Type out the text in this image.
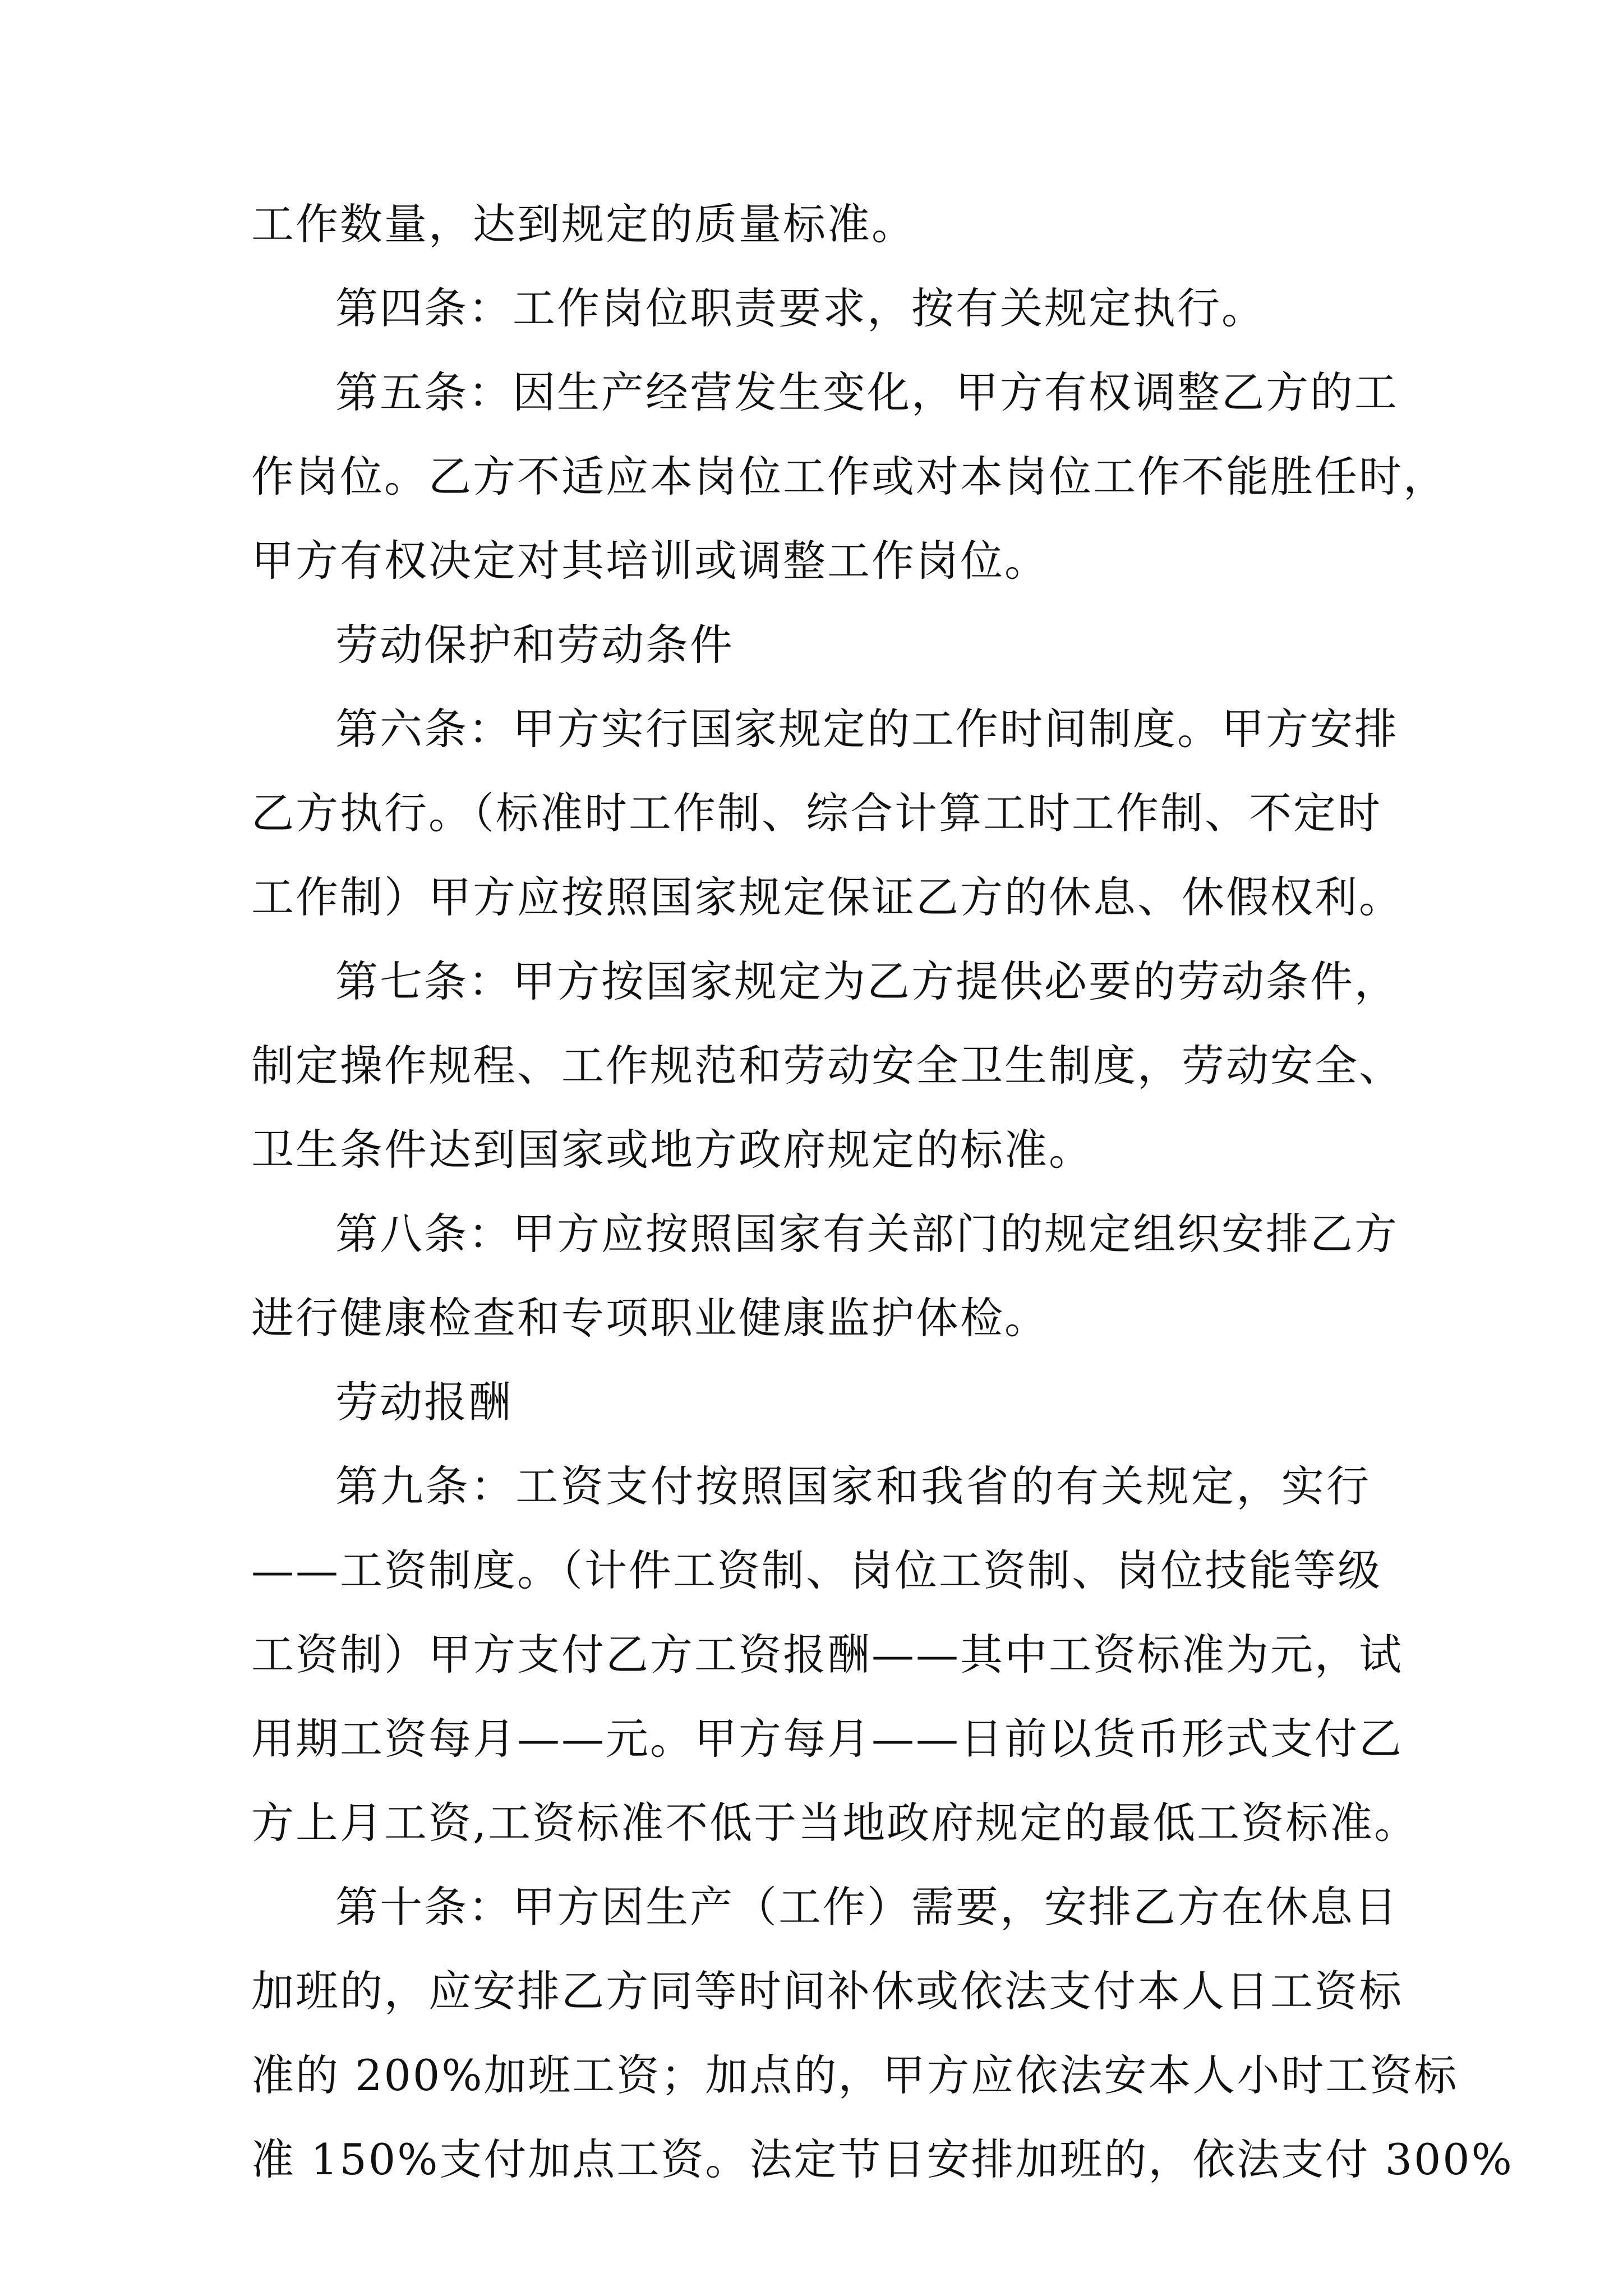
工作数量，达到规定的质量标准。

第四条：工作岗位职责要求，按有关规定执行。

第五条：因生产经营发生变化，甲方有权调整乙方的工

作岗位。乙方不适应本岗位工作或对本岗位工作不能胜任时，

甲方有权决定对其培训或调整工作岗位。

劳动保护和劳动条件

第六条：甲方实行国家规定的工作时间制度。甲方安排

乙方执行。（标准时工作制、综合计算工时工作制、不定时

工作制）甲方应按照国家规定保证乙方的休息、休假权利。

第七条：甲方按国家规定为乙方提供必要的劳动条件，

制定操作规程、工作规范和劳动安全卫生制度，劳动安全、

卫生条件达到国家或地方政府规定的标准。

第八条：甲方应按照国家有关部门的规定组织安排乙方

进行健康检查和专项职业健康监护体检。

劳动报酬

第九条：工资支付按照国家和我省的有关规定，实行

——工资制度。（计件工资制、岗位工资制、岗位技能等级

工资制）甲方支付乙方工资报酬——其中工资标准为元，试

用期工资每月——元。甲方每月——日前以货币形式支付乙

方上月工资,工资标准不低于当地政府规定的最低工资标准。

第十条：甲方因生产（工作）需要，安排乙方在休息日

加班的，应安排乙方同等时间补休或依法支付本人日工资标

准的 200%加班工资；加点的，甲方应依法安本人小时工资标

准 150%支付加点工资。法定节日安排加班的，依法支付 300%
